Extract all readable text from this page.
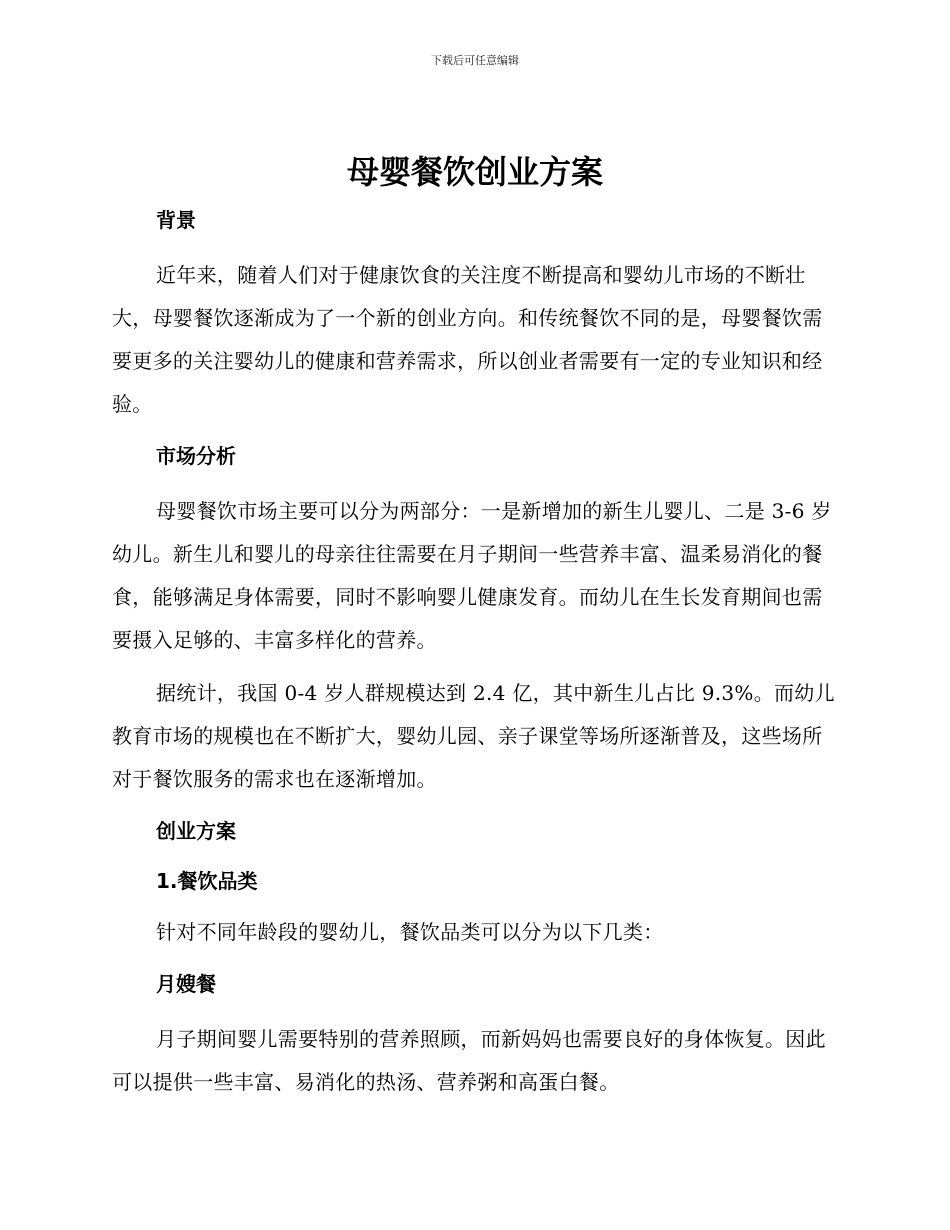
下载后可任意编辑
母婴餐饮创业方案
背景

近年来，随着人们对于健康饮食的关注度不断提高和婴幼儿市场的不断壮大，母婴餐饮逐渐成为了一个新的创业方向。和传统餐饮不同的是，母婴餐饮需要更多的关注婴幼儿的健康和营养需求，所以创业者需要有一定的专业知识和经验。

市场分析

母婴餐饮市场主要可以分为两部分：一是新增加的新生儿婴儿、二是 3-6 岁幼儿。新生儿和婴儿的母亲往往需要在月子期间一些营养丰富、温柔易消化的餐食，能够满足身体需要，同时不影响婴儿健康发育。而幼儿在生长发育期间也需要摄入足够的、丰富多样化的营养。

据统计，我国 0-4 岁人群规模达到 2.4 亿，其中新生儿占比 9.3%。而幼儿教育市场的规模也在不断扩大，婴幼儿园、亲子课堂等场所逐渐普及，这些场所对于餐饮服务的需求也在逐渐增加。

创业方案
1.餐饮品类

针对不同年龄段的婴幼儿，餐饮品类可以分为以下几类：

月嫂餐

月子期间婴儿需要特别的营养照顾，而新妈妈也需要良好的身体恢复。因此可以提供一些丰富、易消化的热汤、营养粥和高蛋白餐。
